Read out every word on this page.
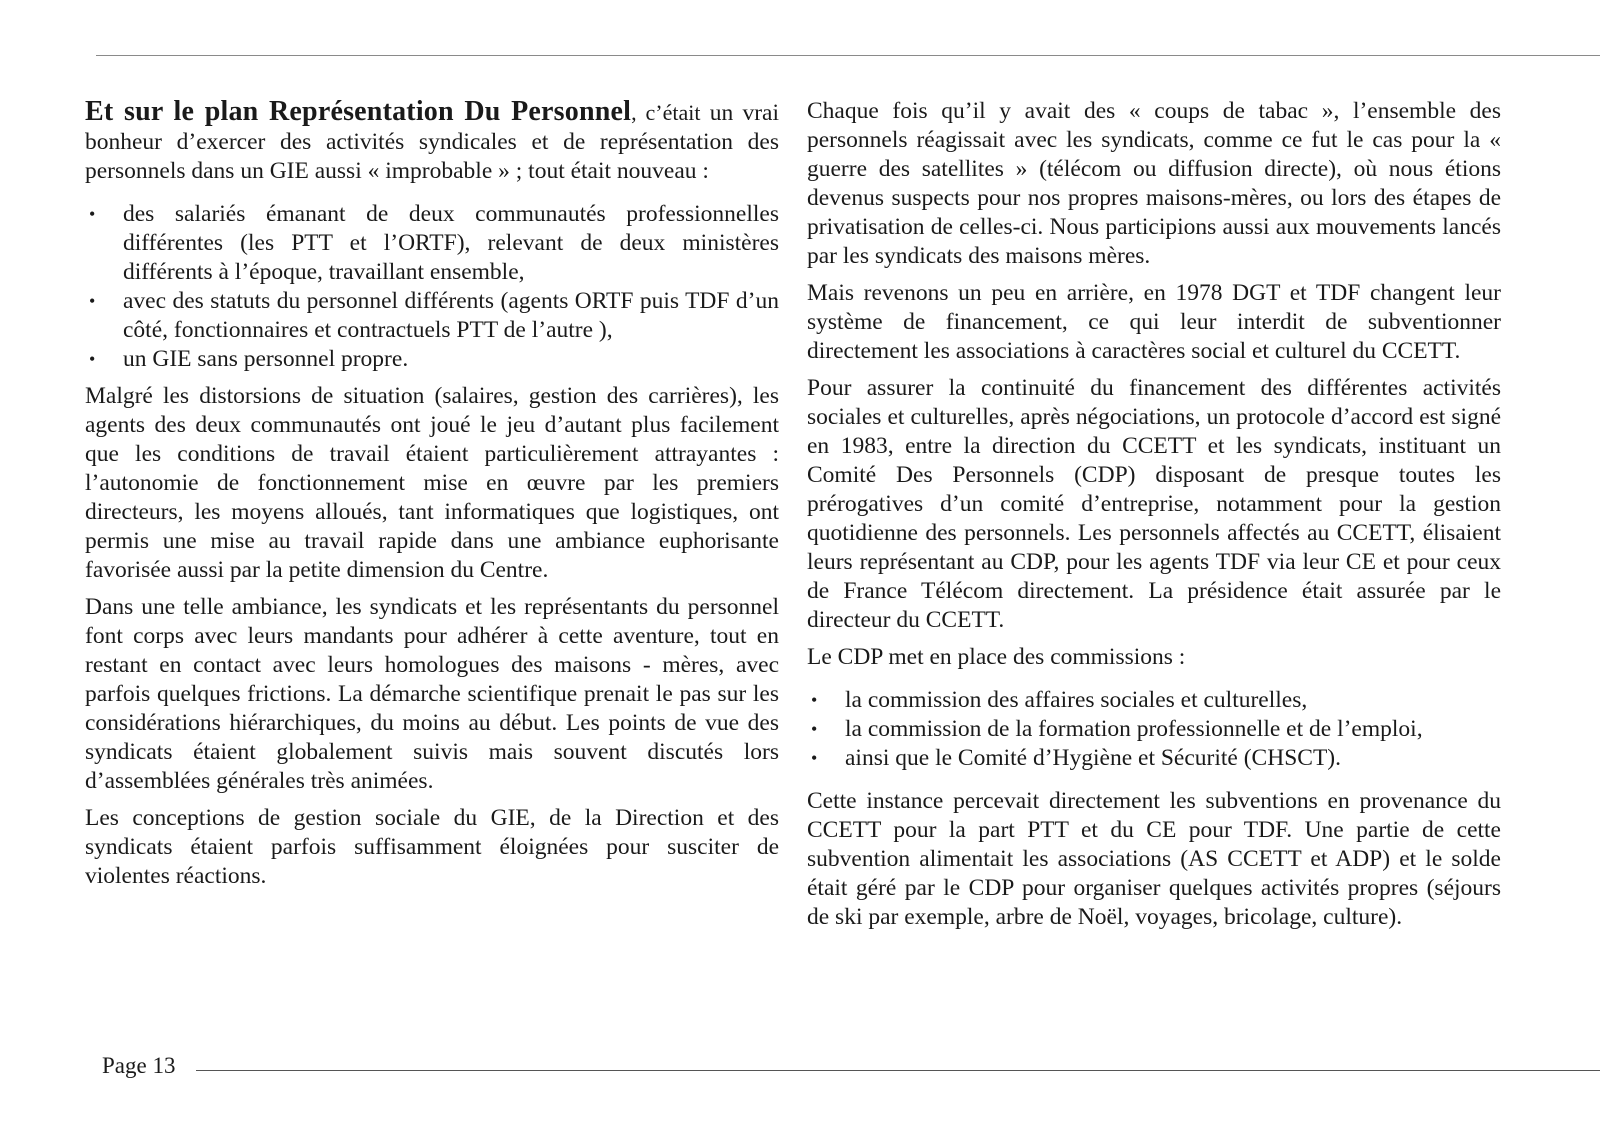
Et sur le plan Représentation Du Personnel, c’était un vrai bonheur d’exercer des activités syndicales et de représentation des personnels dans un GIE aussi « improbable » ; tout était nouveau :

• des salariés émanant de deux communautés professionnelles différentes (les PTT et l’ORTF), relevant de deux ministères différents à l’époque, travaillant ensemble,
• avec des statuts du personnel différents (agents ORTF puis TDF d’un côté, fonctionnaires et contractuels PTT de l’autre ),
• un GIE sans personnel propre.

Malgré les distorsions de situation (salaires, gestion des carrières), les agents des deux communautés ont joué le jeu d’autant plus facilement que les conditions de travail étaient particulièrement attrayantes : l’autonomie de fonctionnement mise en œuvre par les premiers directeurs, les moyens alloués, tant informatiques que logistiques, ont permis une mise au travail rapide dans une ambiance euphorisante favorisée aussi par la petite dimension du Centre.

Dans une telle ambiance, les syndicats et les représentants du personnel font corps avec leurs mandants pour adhérer à cette aventure, tout en restant en contact avec leurs homologues des maisons - mères, avec parfois quelques frictions. La démarche scientifique prenait le pas sur les considérations hiérarchiques, du moins au début. Les points de vue des syndicats étaient globalement suivis mais souvent discutés lors d’assemblées générales très animées.

Les conceptions de gestion sociale du GIE, de la Direction et des syndicats étaient parfois suffisamment éloignées pour susciter de violentes réactions.

Chaque fois qu’il y avait des « coups de tabac », l’ensemble des personnels réagissait avec les syndicats, comme ce fut le cas pour la « guerre des satellites » (télécom ou diffusion directe), où nous étions devenus suspects pour nos propres maisons-mères, ou lors des étapes de privatisation de celles-ci. Nous participions aussi aux mouvements lancés par les syndicats des maisons mères.

Mais revenons un peu en arrière, en 1978 DGT et TDF changent leur système de financement, ce qui leur interdit de subventionner directement les associations à caractères social et culturel du CCETT.

Pour assurer la continuité du financement des différentes activités sociales et culturelles, après négociations, un protocole d’accord est signé en 1983, entre la direction du CCETT et les syndicats, instituant un Comité Des Personnels (CDP) disposant de presque toutes les prérogatives d’un comité d’entreprise, notamment pour la gestion quotidienne des personnels. Les personnels affectés au CCETT, élisaient leurs représentant au CDP, pour les agents TDF via leur CE et pour ceux de France Télécom directement. La présidence était assurée par le directeur du CCETT.

Le CDP met en place des commissions :

• la commission des affaires sociales et culturelles,
• la commission de la formation professionnelle et de l’emploi,
• ainsi que le Comité d’Hygiène et Sécurité (CHSCT).

Cette instance percevait directement les subventions en provenance du CCETT pour la part PTT et du CE pour TDF. Une partie de cette subvention alimentait les associations (AS CCETT et ADP) et le solde était géré par le CDP pour organiser quelques activités propres (séjours de ski par exemple, arbre de Noël, voyages, bricolage, culture).

Page 13
